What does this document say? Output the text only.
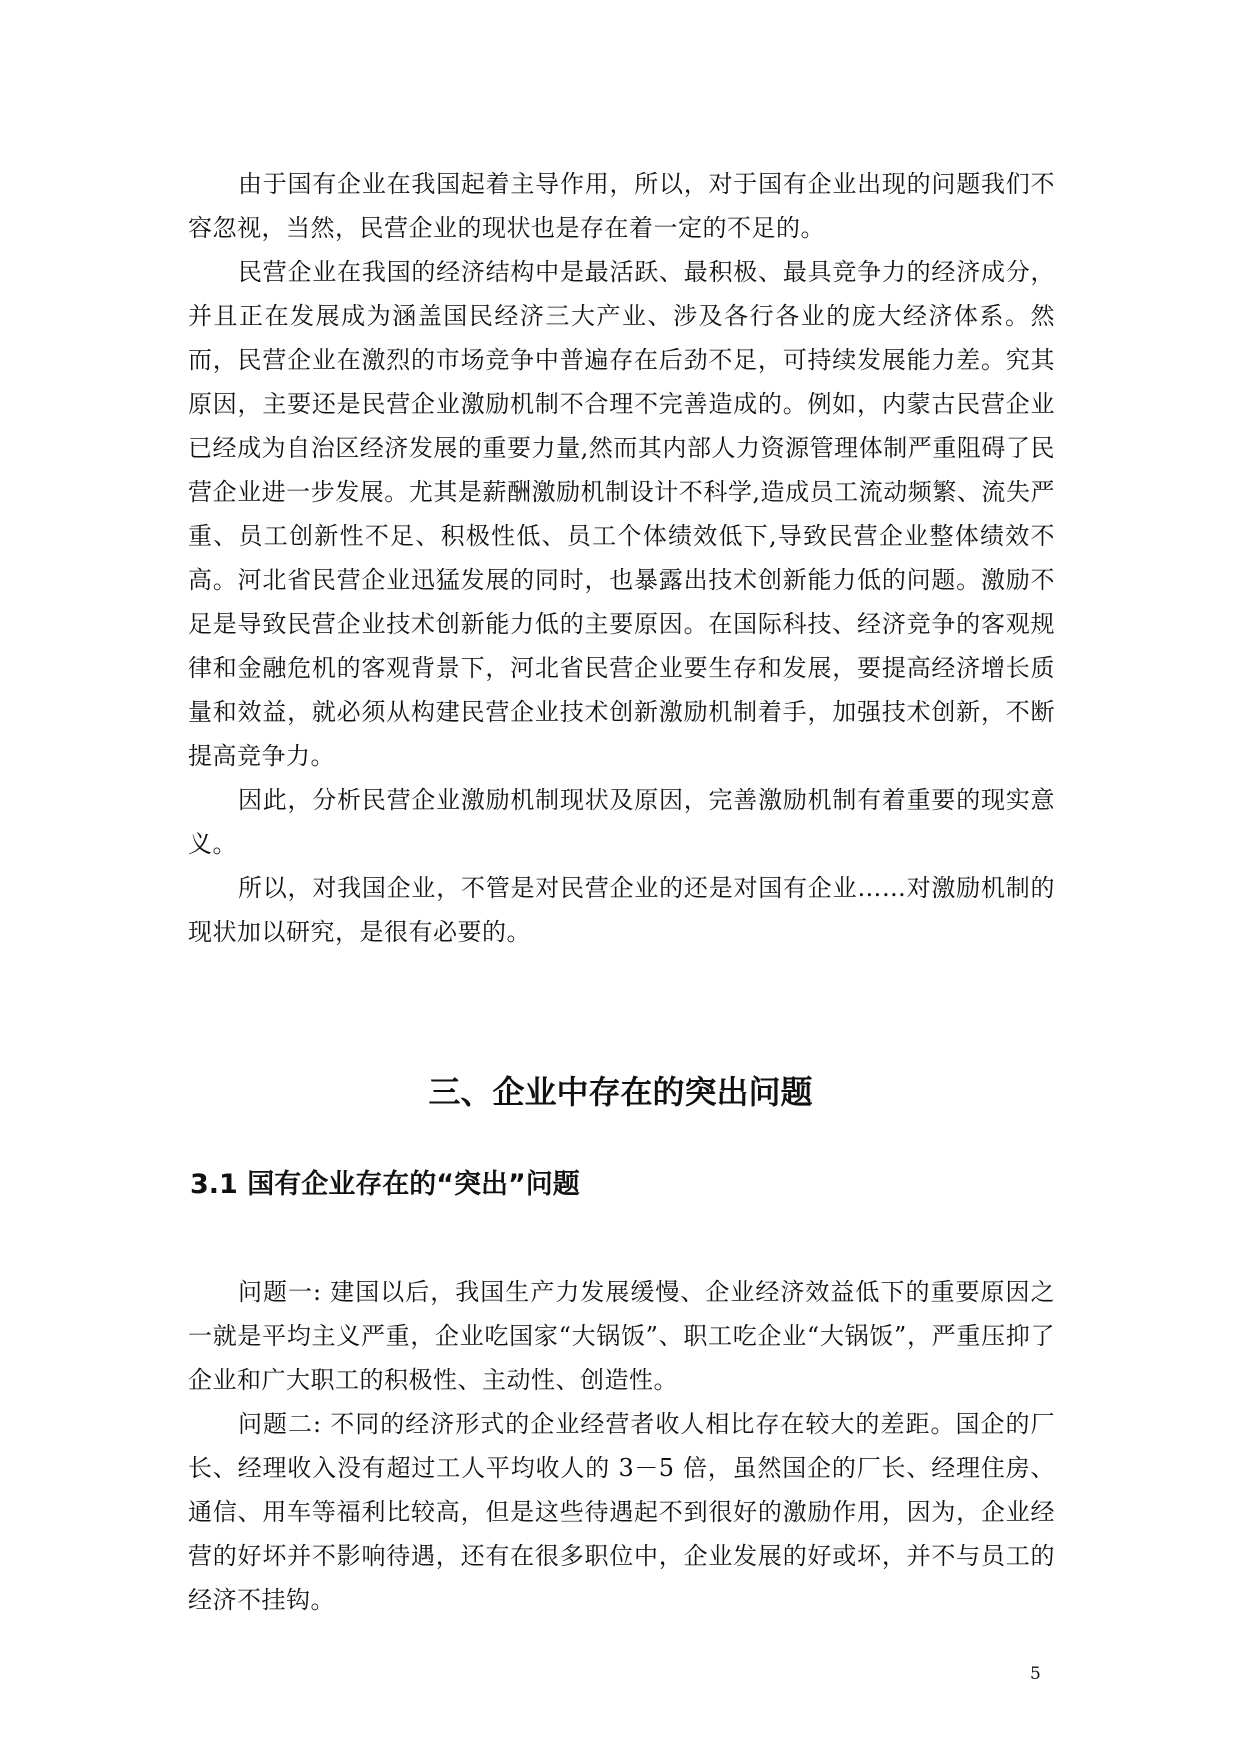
由于国有企业在我国起着主导作用，所以，对于国有企业出现的问题我们不容忽视，当然，民营企业的现状也是存在着一定的不足的。

民营企业在我国的经济结构中是最活跃、最积极、最具竞争力的经济成分，并且正在发展成为涵盖国民经济三大产业、涉及各行各业的庞大经济体系。然而，民营企业在激烈的市场竞争中普遍存在后劲不足，可持续发展能力差。究其原因，主要还是民营企业激励机制不合理不完善造成的。例如，内蒙古民营企业已经成为自治区经济发展的重要力量,然而其内部人力资源管理体制严重阻碍了民营企业进一步发展。尤其是薪酬激励机制设计不科学,造成员工流动频繁、流失严重、员工创新性不足、积极性低、员工个体绩效低下,导致民营企业整体绩效不高。河北省民营企业迅猛发展的同时，也暴露出技术创新能力低的问题。激励不足是导致民营企业技术创新能力低的主要原因。在国际科技、经济竞争的客观规律和金融危机的客观背景下，河北省民营企业要生存和发展，要提高经济增长质量和效益，就必须从构建民营企业技术创新激励机制着手，加强技术创新，不断提高竞争力。

因此，分析民营企业激励机制现状及原因，完善激励机制有着重要的现实意义。

所以，对我国企业，不管是对民营企业的还是对国有企业……对激励机制的现状加以研究，是很有必要的。

三、企业中存在的突出问题
3.1 国有企业存在的“突出”问题

问题一: 建国以后，我国生产力发展缓慢、企业经济效益低下的重要原因之一就是平均主义严重，企业吃国家“大锅饭”、职工吃企业“大锅饭”，严重压抑了企业和广大职工的积极性、主动性、创造性。

问题二: 不同的经济形式的企业经营者收人相比存在较大的差距。国企的厂长、经理收入没有超过工人平均收人的 3－5 倍，虽然国企的厂长、经理住房、通信、用车等福利比较高，但是这些待遇起不到很好的激励作用，因为，企业经营的好坏并不影响待遇，还有在很多职位中，企业发展的好或坏，并不与员工的经济不挂钩。

5
